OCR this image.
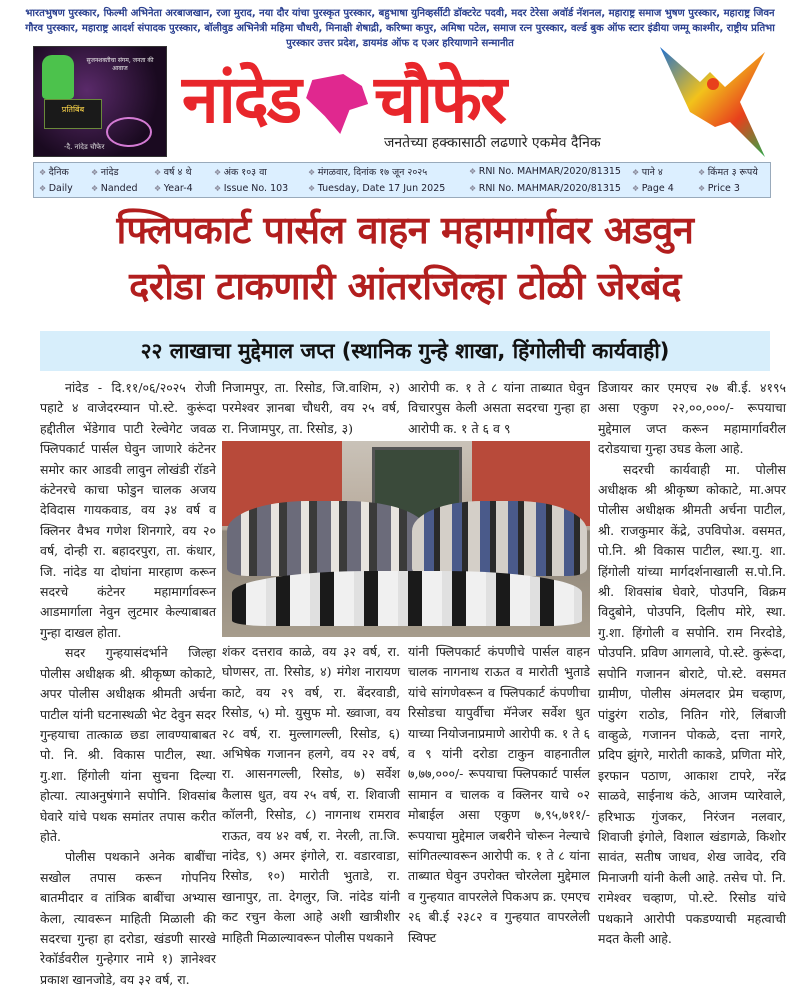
भारतभुषण पुरस्कार, फिल्मी अभिनेता अरबाजखान, रजा मुराद, नया दौर यांचा पुरस्कृत पुरस्कार, बहुभाषा युनिव्हर्सीटी डॉक्टरेट पदवी, मदर टेरेसा अवॉर्ड नॅशनल, महाराष्ट्र समाज भुषण पुरस्कार, महाराष्ट्र जिवन गौरव पुरस्कार, महाराष्ट्र आदर्श संपादक पुरस्कार, बॉलीवुड अभिनेत्री महिमा चौधरी, मिनाक्षी शेषाद्री, करिष्मा कपुर, अमिषा पटेल, समाज रत्न पुरस्कार, वर्ल्ड बुक ऑफ स्टार इंडीया जम्मू काश्मीर, राष्ट्रीय प्रतिभा पुरस्कार उत्तर प्रदेश, डायमंड ऑफ द एअर हरियाणाने सन्मानीत
सुजनशक्तीचा संगम, जनता की आवाज
प्रतिबिंब
-दै. नांदेड चौफेर
नांदेड चौफेर
जनतेच्या हक्कासाठी लढणारे एकमेव दैनिक
❖ दैनिक	❖ नांदेड	❖ वर्ष ४ थे	❖ अंक १०३ वा	❖ मंगळवार, दिनांक १७ जून २०२५	❖ RNI No. MAHMAR/2020/81315	❖ पाने ४	❖ किंमत ३ रूपये
❖ Daily	❖ Nanded	❖ Year-4	❖ Issue No. 103	❖ Tuesday, Date 17 Jun 2025	❖ RNI No. MAHMAR/2020/81315	❖ Page 4	❖ Price 3
फ्लिपकार्ट पार्सल वाहन महामार्गावर अडवुन
दरोडा टाकणारी आंतरजिल्हा टोळी जेरबंद
२२ लाखाचा मुद्देमाल जप्त (स्थानिक गुन्हे शाखा, हिंगोलीची कार्यवाही)

नांदेड - दि.११/०६/२०२५ रोजी पहाटे ४ वाजेदरम्यान पो.स्टे. कुरूंदा हद्दीतील भेंडेगाव पाटी रेल्वेगेट जवळ फ्लिपकार्ट पार्सल घेवुन जाणारे कंटेनर समोर कार आडवी लावुन लोखंडी रॉडने कंटेनरचे काचा फोडुन चालक अजय देविदास गायकवाड, वय ३४ वर्ष व क्लिनर वैभव गणेश शिनगारे, वय २० वर्ष, दोन्ही रा. बहादरपुरा, ता. कंधार, जि. नांदेड या दोघांना मारहाण करून सदरचे कंटेनर महामार्गावरून आडमार्गाला नेवुन लुटमार केल्याबाबत गुन्हा दाखल होता.

सदर गुन्हयासंदर्भाने जिल्हा पोलीस अधीक्षक श्री. श्रीकृष्ण कोकाटे, अपर पोलीस अधीक्षक श्रीमती अर्चना पाटील यांनी घटनास्थळी भेट देवुन सदर गुन्हयाचा तात्काळ छडा लावण्याबाबत पो. नि. श्री. विकास पाटील, स्था. गु.शा. हिंगोली यांना सुचना दिल्या होत्या. त्याअनुषंगाने सपोनि. शिवसांब घेवारे यांचे पथक समांतर तपास करीत होते.

पोलीस पथकाने अनेक बाबींचा सखोल तपास करून गोपनिय बातमीदार व तांत्रिक बाबींचा अभ्यास केला, त्यावरून माहिती मिळाली की सदरचा गुन्हा हा दरोडा, खंडणी सारखे रेकॉर्डवरील गुन्हेगार नामे १) ज्ञानेश्वर प्रकाश खानजोडे, वय ३२ वर्ष, रा.

निजामपुर, ता. रिसोड, जि.वाशिम, २) परमेश्वर ज्ञानबा चौधरी, वय २५ वर्ष, रा. निजामपुर, ता. रिसोड, ३)

आरोपी क. १ ते ८ यांना ताब्यात घेवुन विचारपुस केली असता सदरचा गुन्हा हा आरोपी क. १ ते ६ व ९

शंकर दत्तराव काळे, वय ३२ वर्ष, रा. घोणसर, ता. रिसोड, ४) मंगेश नारायण काटे, वय २९ वर्ष, रा. बेंदरवाडी, रिसोड, ५) मो. युसुफ मो. ख्वाजा, वय २८ वर्ष, रा. मुल्लागल्ली, रिसोड, ६) अभिषेक गजानन हलगे, वय २२ वर्ष, रा. आसनगल्ली, रिसोड, ७) सर्वेश कैलास धुत, वय २५ वर्ष, रा. शिवाजी कॉलनी, रिसोड, ८) नागनाथ रामराव राऊत, वय ४२ वर्ष, रा. नेरली, ता.जि. नांदेड, ९) अमर इंगोले, रा. वडारवाडा, रिसोड, १०) मारोती भुताडे, रा. खानापुर, ता. देगलुर, जि. नांदेड यांनी कट रचुन केला आहे अशी खात्रीशीर माहिती मिळाल्यावरून पोलीस पथकाने

यांनी फ्लिपकार्ट कंपणीचे पार्सल वाहन चालक नागनाथ राऊत व मारोती भुताडे यांचे सांगणेवरून व फ्लिपकार्ट कंपणीचा रिसोडचा यापुर्वीचा मॅनेजर सर्वेश धुत याच्या नियोजनाप्रमाणे आरोपी क. १ ते ६ व ९ यांनी दरोडा टाकुन वाहनातील ७,७७,०००/- रूपयाचा फ्लिपकार्ट पार्सल सामान व चालक व क्लिनर याचे ०२ मोबाईल असा एकुण ७,९५,७११/- रूपयाचा मुद्देमाल जबरीने चोरून नेल्याचे सांगितल्यावरून आरोपी क. १ ते ८ यांना ताब्यात घेवुन उपरोक्त चोरलेला मुद्देमाल व गुन्हयात वापरलेले पिकअप क्र. एमएच २६ बी.ई २३८२ व गुन्हयात वापरलेली स्विफ्ट

डिजायर कार एमएच २७ बी.ई. ४१९५ असा एकुण २२,००,०००/- रूपयाचा मुद्देमाल जप्त करून महामार्गावरील दरोडयाचा गुन्हा उघड केला आहे.

सदरची कार्यवाही मा. पोलीस अधीक्षक श्री श्रीकृष्ण कोकाटे, मा.अपर पोलीस अधीक्षक श्रीमती अर्चना पाटील, श्री. राजकुमार केंद्रे, उपविपोअ. वसमत, पो.नि. श्री विकास पाटील, स्था.गु. शा. हिंगोली यांच्या मार्गदर्शनाखाली स.पो.नि. श्री. शिवसांब घेवारे, पोउपनि, विक्रम विदुबोने, पोउपनि, दिलीप मोरे, स्था. गु.शा. हिंगोली व सपोनि. राम निरदोडे, पोउपनि. प्रविण आगलावे, पो.स्टे. कुरूंदा, सपोनि गजानन बोराटे, पो.स्टे. वसमत ग्रामीण, पोलीस अंमलदार प्रेम चव्हाण, पांडुरंग राठोड, नितिन गोरे, लिंबाजी वाव्हुळे, गजानन पोकळे, दत्ता नागरे, प्रदिप झुंगरे, मारोती काकडे, प्रणिता मोरे, इरफान पठाण, आकाश टापरे, नरेंद्र साळवे, साईनाथ कंठे, आजम प्यारेवाले, हरिभाऊ गुंजकर, निरंजन नलवार, शिवाजी इंगोले, विशाल खंडागळे, किशोर सावंत, सतीष जाधव, शेख जावेद, रवि मिनाजगी यांनी केली आहे. तसेच पो. नि. रामेश्वर चव्हाण, पो.स्टे. रिसोड यांचे पथकाने आरोपी पकडण्याची महत्वाची मदत केली आहे.
